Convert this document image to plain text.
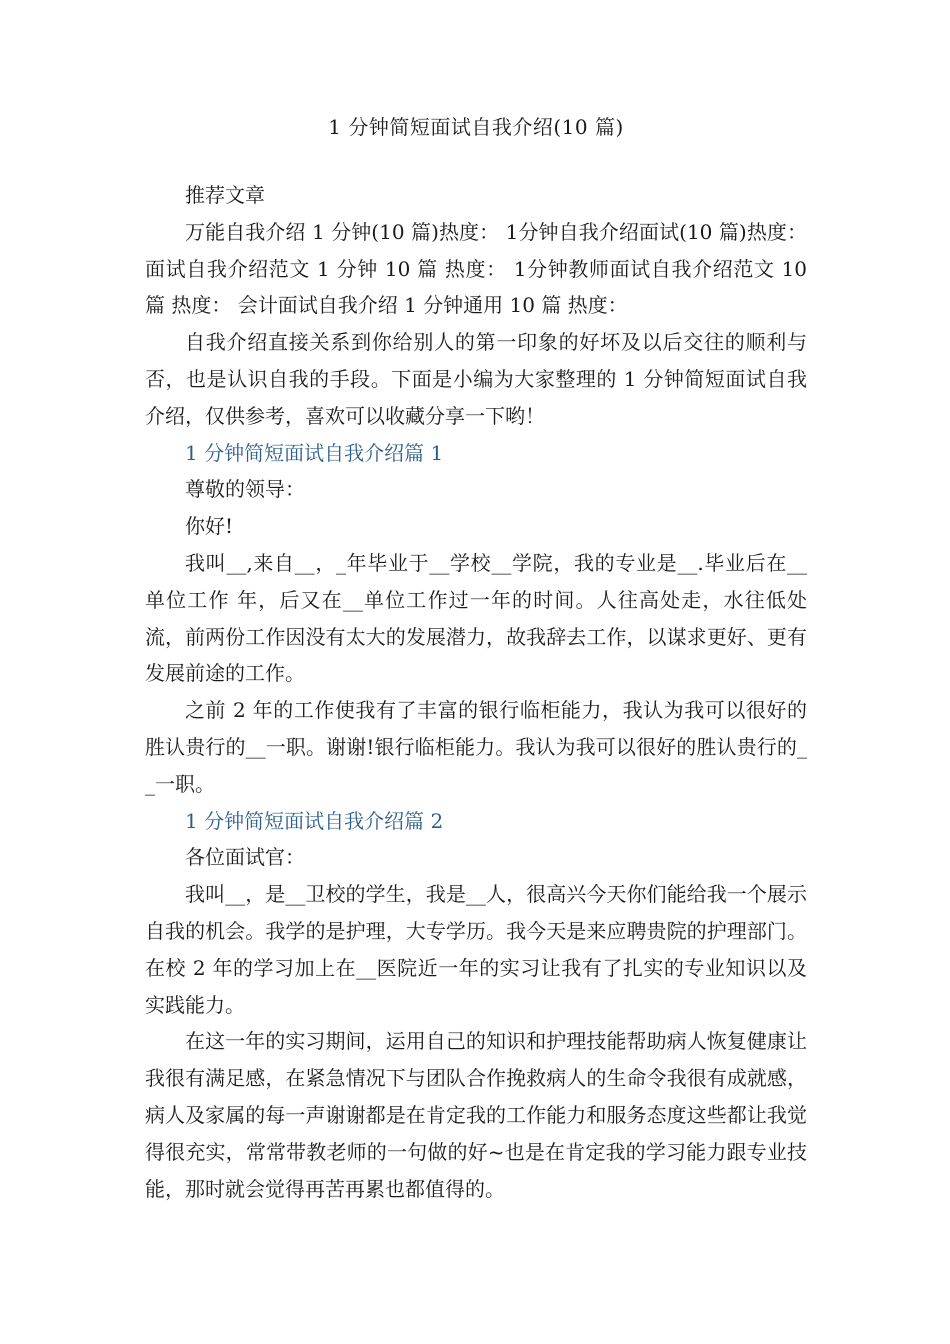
1 分钟简短面试自我介绍(10 篇)

推荐文章

万能自我介绍 1 分钟(10 篇)热度： 1分钟自我介绍面试(10 篇)热度： 面试自我介绍范文 1 分钟 10 篇 热度： 1分钟教师面试自我介绍范文 10 篇 热度： 会计面试自我介绍 1 分钟通用 10 篇 热度：

自我介绍直接关系到你给别人的第一印象的好坏及以后交往的顺利与否，也是认识自我的手段。下面是小编为大家整理的 1 分钟简短面试自我介绍，仅供参考，喜欢可以收藏分享一下哟！

1 分钟简短面试自我介绍篇 1

尊敬的领导：

你好!

我叫__,来自__，_年毕业于__学校__学院，我的专业是__.毕业后在__单位工作 年，后又在__单位工作过一年的时间。人往高处走，水往低处流，前两份工作因没有太大的发展潜力，故我辞去工作，以谋求更好、更有发展前途的工作。

之前 2 年的工作使我有了丰富的银行临柜能力，我认为我可以很好的胜认贵行的__一职。谢谢!银行临柜能力。我认为我可以很好的胜认贵行的__一职。

1 分钟简短面试自我介绍篇 2

各位面试官：

我叫__，是__卫校的学生，我是__人，很高兴今天你们能给我一个展示自我的机会。我学的是护理，大专学历。我今天是来应聘贵院的护理部门。在校 2 年的学习加上在__医院近一年的实习让我有了扎实的专业知识以及实践能力。

在这一年的实习期间，运用自己的知识和护理技能帮助病人恢复健康让我很有满足感，在紧急情况下与团队合作挽救病人的生命令我很有成就感，病人及家属的每一声谢谢都是在肯定我的工作能力和服务态度这些都让我觉得很充实，常常带教老师的一句做的好~也是在肯定我的学习能力跟专业技能，那时就会觉得再苦再累也都值得的。
